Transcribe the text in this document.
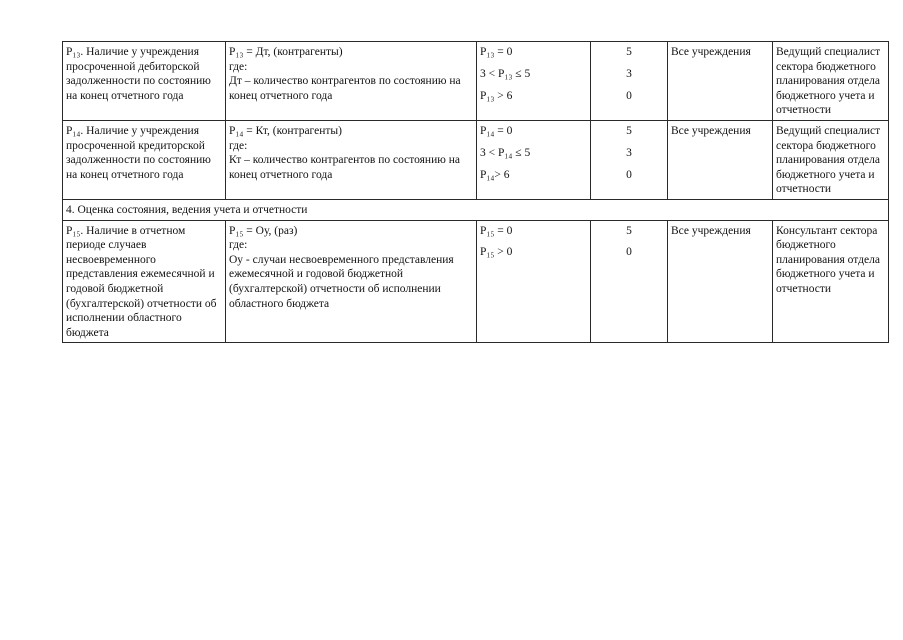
Р₁₃. Наличие у учреждения просроченной дебиторской задолженности по состоянию на конец отчетного года	Р₁₃ = Дт, (контрагенты)
где:
Дт – количество контрагентов по состоянию на конец отчетного года	Р₁₃ = 0
3 < Р₁₃ ≤ 5
Р₁₃ > 6	5
3
0	Все учреждения	Ведущий специалист сектора бюджетного планирования отдела бюджетного учета и отчетности
Р₁₄. Наличие у учреждения просроченной кредиторской задолженности по состоянию на конец отчетного года	Р₁₄ = Кт, (контрагенты)
где:
Кт – количество контрагентов по состоянию на конец отчетного года	Р₁₄ = 0
3 < Р₁₄ ≤ 5
Р₁₄> 6	5
3
0	Все учреждения	Ведущий специалист сектора бюджетного планирования отдела бюджетного учета и отчетности
4. Оценка состояния, ведения учета и отчетности					
Р₁₅. Наличие в отчетном периоде случаев несвоевременного представления ежемесячной и годовой бюджетной (бухгалтерской) отчетности об исполнении областного бюджета	Р₁₅ = Оу, (раз)
где:
Оу - случаи несвоевременного представления ежемесячной и годовой бюджетной (бухгалтерской) отчетности об исполнении областного бюджета	Р₁₅ = 0
Р₁₅ > 0	5
0	Все учреждения	Консультант сектора бюджетного планирования отдела бюджетного учета и отчетности
